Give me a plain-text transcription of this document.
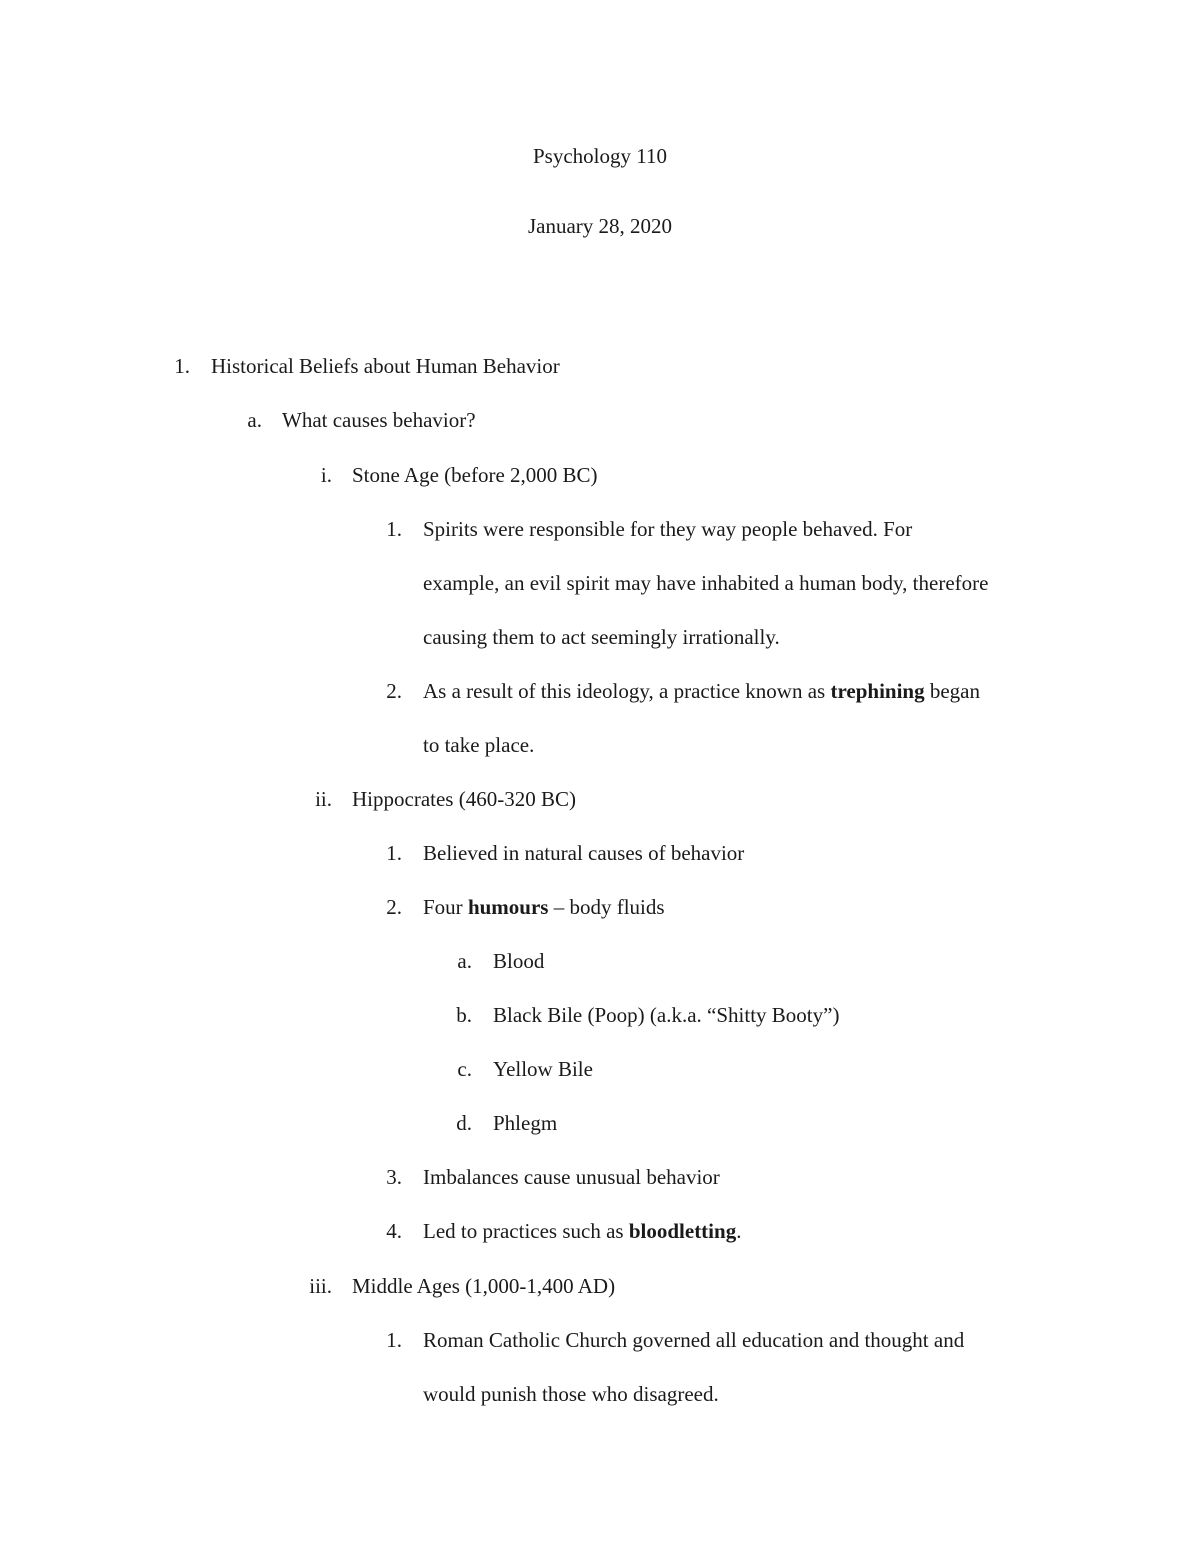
Psychology 110
January 28, 2020
1. Historical Beliefs about Human Behavior
a. What causes behavior?
i. Stone Age (before 2,000 BC)
1. Spirits were responsible for they way people behaved. For
example, an evil spirit may have inhabited a human body, therefore
causing them to act seemingly irrationally.
2. As a result of this ideology, a practice known as trephining began
to take place.
ii. Hippocrates (460-320 BC)
1. Believed in natural causes of behavior
2. Four humours – body fluids
a. Blood
b. Black Bile (Poop) (a.k.a. “Shitty Booty”)
c. Yellow Bile
d. Phlegm
3. Imbalances cause unusual behavior
4. Led to practices such as bloodletting.
iii. Middle Ages (1,000-1,400 AD)
1. Roman Catholic Church governed all education and thought and
would punish those who disagreed.
